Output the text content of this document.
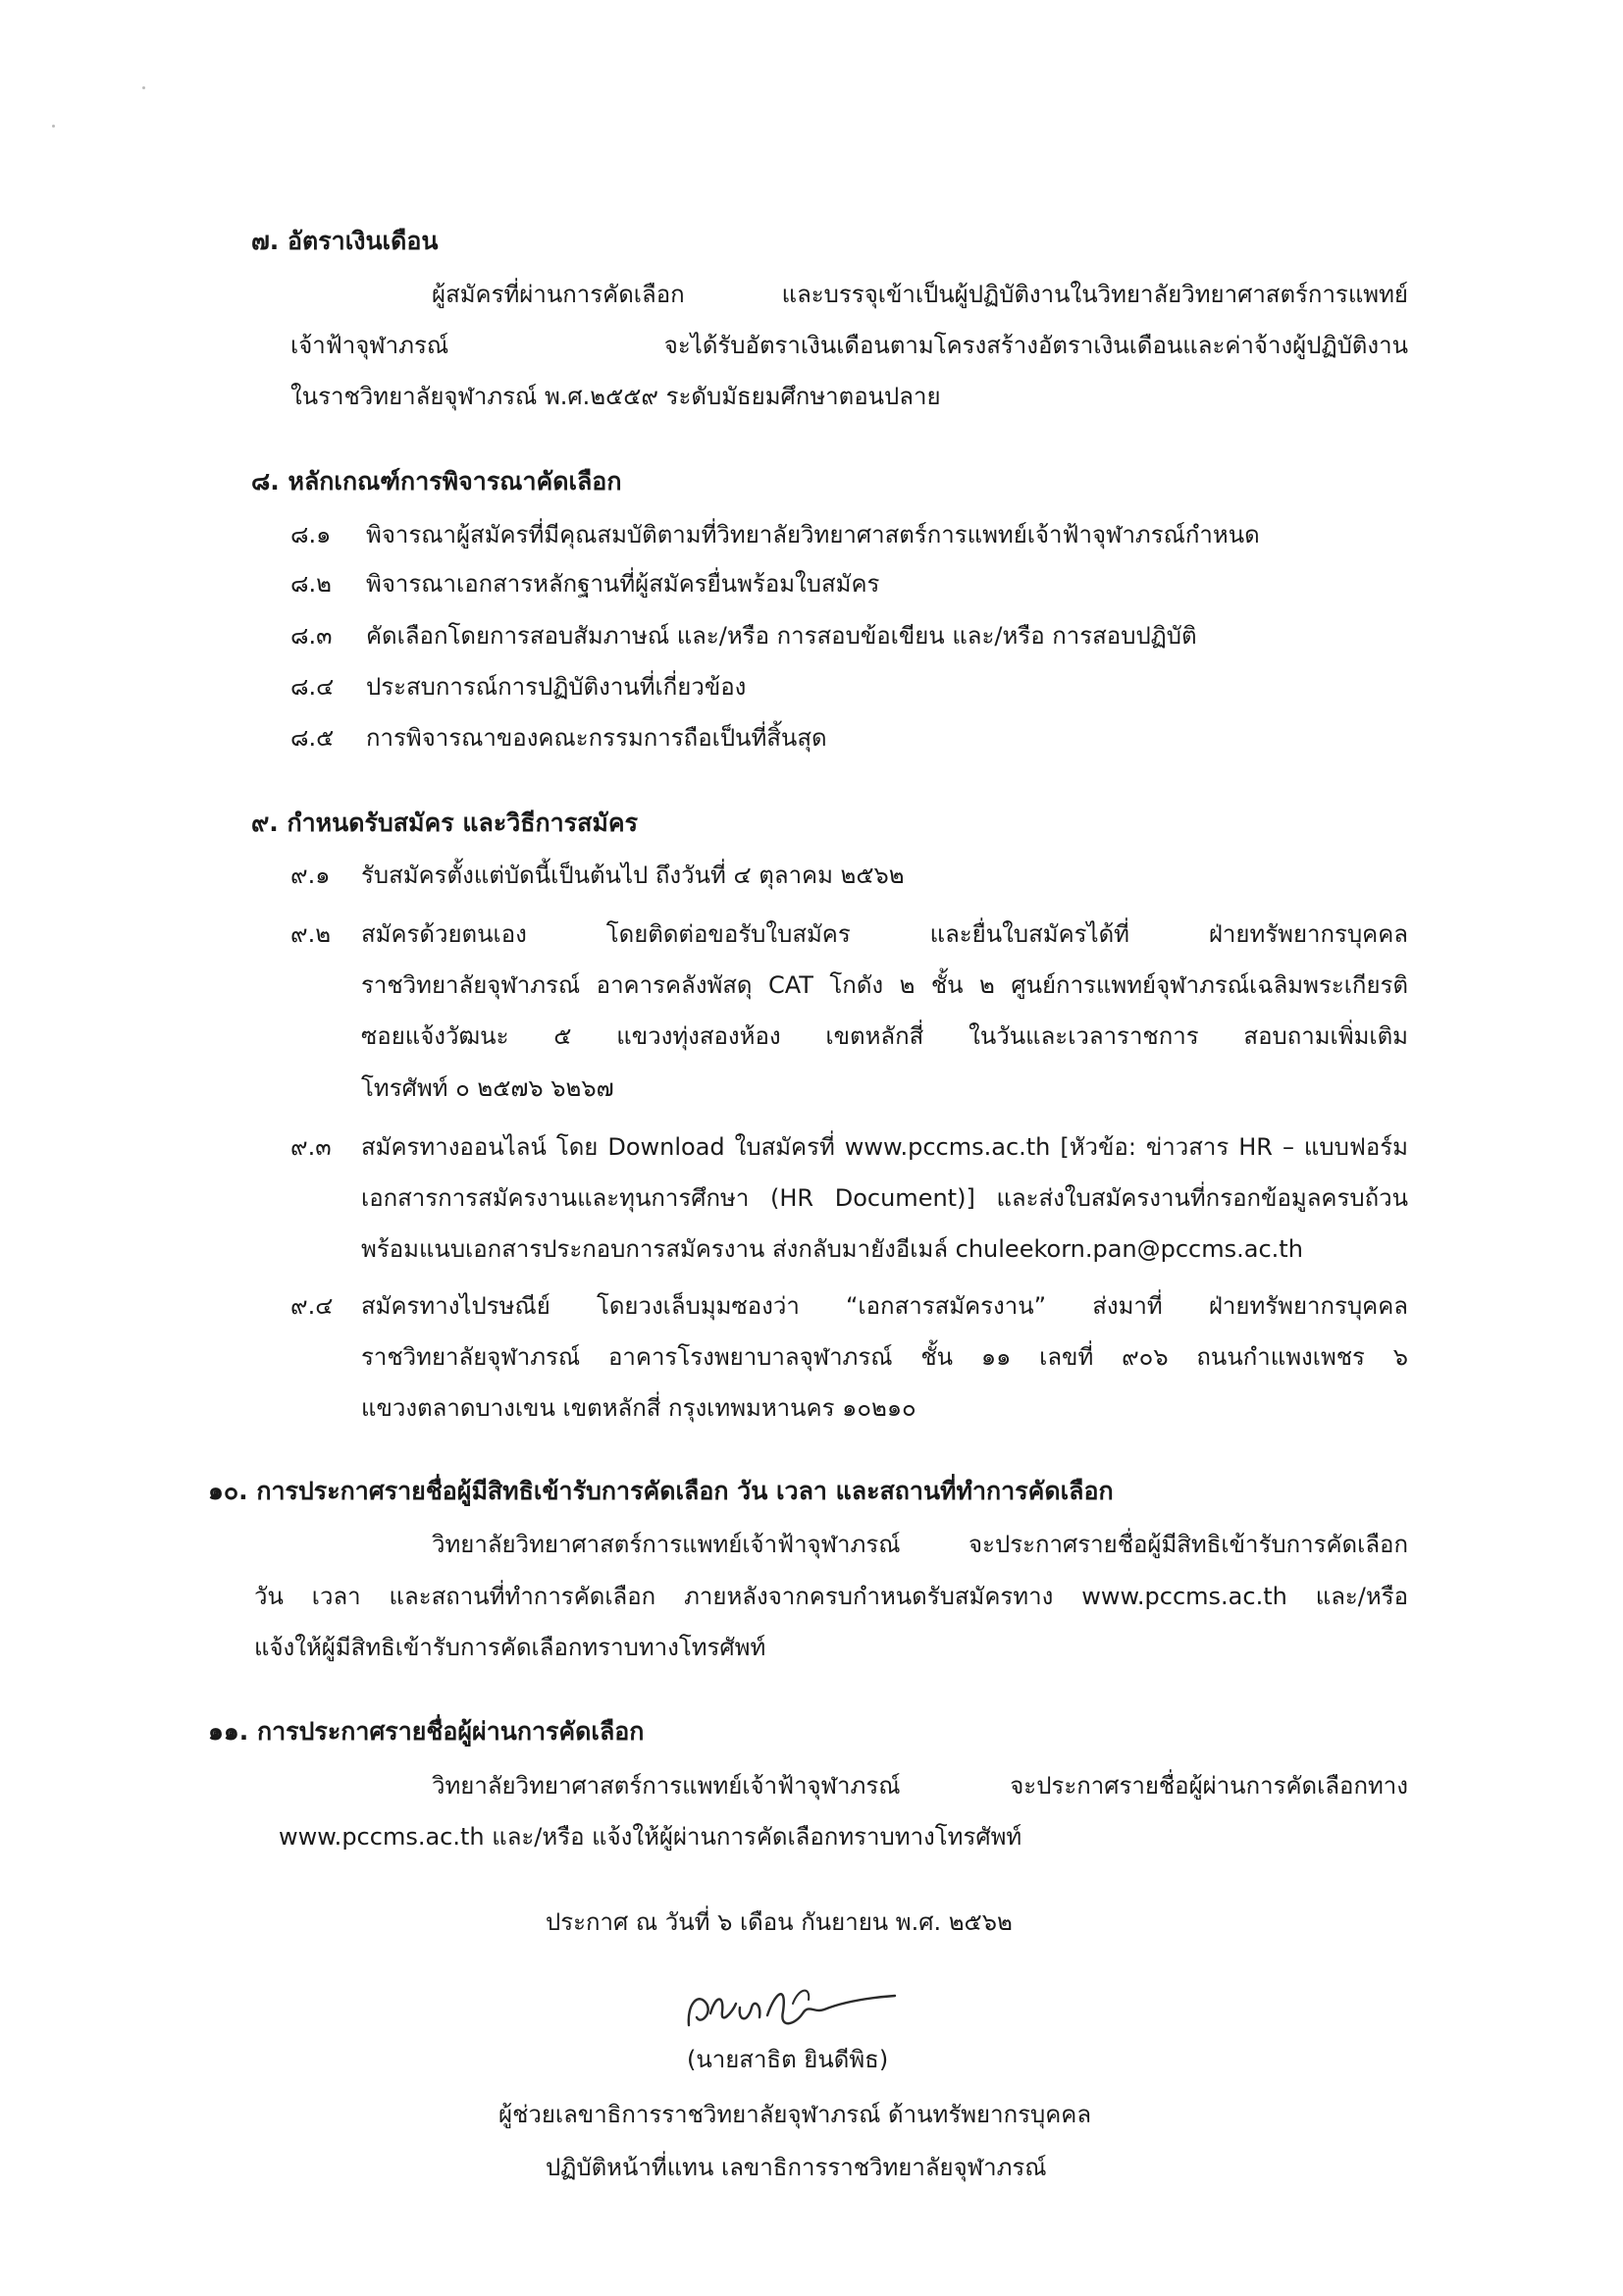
๗. อัตราเงินเดือน
ผู้สมัครที่ผ่านการคัดเลือก และบรรจุเข้าเป็นผู้ปฏิบัติงานในวิทยาลัยวิทยาศาสตร์การแพทย์
เจ้าฟ้าจุฬาภรณ์ จะได้รับอัตราเงินเดือนตามโครงสร้างอัตราเงินเดือนและค่าจ้างผู้ปฏิบัติงาน
ในราชวิทยาลัยจุฬาภรณ์ พ.ศ.๒๕๕๙ ระดับมัธยมศึกษาตอนปลาย
๘. หลักเกณฑ์การพิจารณาคัดเลือก
๘.๑ พิจารณาผู้สมัครที่มีคุณสมบัติตามที่วิทยาลัยวิทยาศาสตร์การแพทย์เจ้าฟ้าจุฬาภรณ์กำหนด
๘.๒ พิจารณาเอกสารหลักฐานที่ผู้สมัครยื่นพร้อมใบสมัคร
๘.๓ คัดเลือกโดยการสอบสัมภาษณ์ และ/หรือ การสอบข้อเขียน และ/หรือ การสอบปฏิบัติ
๘.๔ ประสบการณ์การปฏิบัติงานที่เกี่ยวข้อง
๘.๕ การพิจารณาของคณะกรรมการถือเป็นที่สิ้นสุด
๙. กำหนดรับสมัคร และวิธีการสมัคร
๙.๑ รับสมัครตั้งแต่บัดนี้เป็นต้นไป ถึงวันที่ ๔ ตุลาคม ๒๕๖๒
๙.๒ สมัครด้วยตนเอง โดยติดต่อขอรับใบสมัคร และยื่นใบสมัครได้ที่ ฝ่ายทรัพยากรบุคคล
ราชวิทยาลัยจุฬาภรณ์ อาคารคลังพัสดุ CAT โกดัง ๒ ชั้น ๒ ศูนย์การแพทย์จุฬาภรณ์เฉลิมพระเกียรติ
ซอยแจ้งวัฒนะ ๕ แขวงทุ่งสองห้อง เขตหลักสี่ ในวันและเวลาราชการ สอบถามเพิ่มเติม
โทรศัพท์ ๐ ๒๕๗๖ ๖๒๖๗
๙.๓ สมัครทางออนไลน์ โดย Download ใบสมัครที่ www.pccms.ac.th [หัวข้อ: ข่าวสาร HR – แบบฟอร์ม
เอกสารการสมัครงานและทุนการศึกษา (HR Document)] และส่งใบสมัครงานที่กรอกข้อมูลครบถ้วน
พร้อมแนบเอกสารประกอบการสมัครงาน ส่งกลับมายังอีเมล์ chuleekorn.pan@pccms.ac.th
๙.๔ สมัครทางไปรษณีย์ โดยวงเล็บมุมซองว่า “เอกสารสมัครงาน” ส่งมาที่ ฝ่ายทรัพยากรบุคคล
ราชวิทยาลัยจุฬาภรณ์ อาคารโรงพยาบาลจุฬาภรณ์ ชั้น ๑๑ เลขที่ ๙๐๖ ถนนกำแพงเพชร ๖
แขวงตลาดบางเขน เขตหลักสี่ กรุงเทพมหานคร ๑๐๒๑๐
๑๐. การประกาศรายชื่อผู้มีสิทธิเข้ารับการคัดเลือก วัน เวลา และสถานที่ทำการคัดเลือก
วิทยาลัยวิทยาศาสตร์การแพทย์เจ้าฟ้าจุฬาภรณ์ จะประกาศรายชื่อผู้มีสิทธิเข้ารับการคัดเลือก
วัน เวลา และสถานที่ทำการคัดเลือก ภายหลังจากครบกำหนดรับสมัครทาง www.pccms.ac.th และ/หรือ
แจ้งให้ผู้มีสิทธิเข้ารับการคัดเลือกทราบทางโทรศัพท์
๑๑. การประกาศรายชื่อผู้ผ่านการคัดเลือก
วิทยาลัยวิทยาศาสตร์การแพทย์เจ้าฟ้าจุฬาภรณ์ จะประกาศรายชื่อผู้ผ่านการคัดเลือกทาง
www.pccms.ac.th และ/หรือ แจ้งให้ผู้ผ่านการคัดเลือกทราบทางโทรศัพท์
ประกาศ ณ วันที่ ๖ เดือน กันยายน พ.ศ. ๒๕๖๒
(นายสาธิต ยินดีพิธ)
ผู้ช่วยเลขาธิการราชวิทยาลัยจุฬาภรณ์ ด้านทรัพยากรบุคคล
ปฏิบัติหน้าที่แทน เลขาธิการราชวิทยาลัยจุฬาภรณ์
